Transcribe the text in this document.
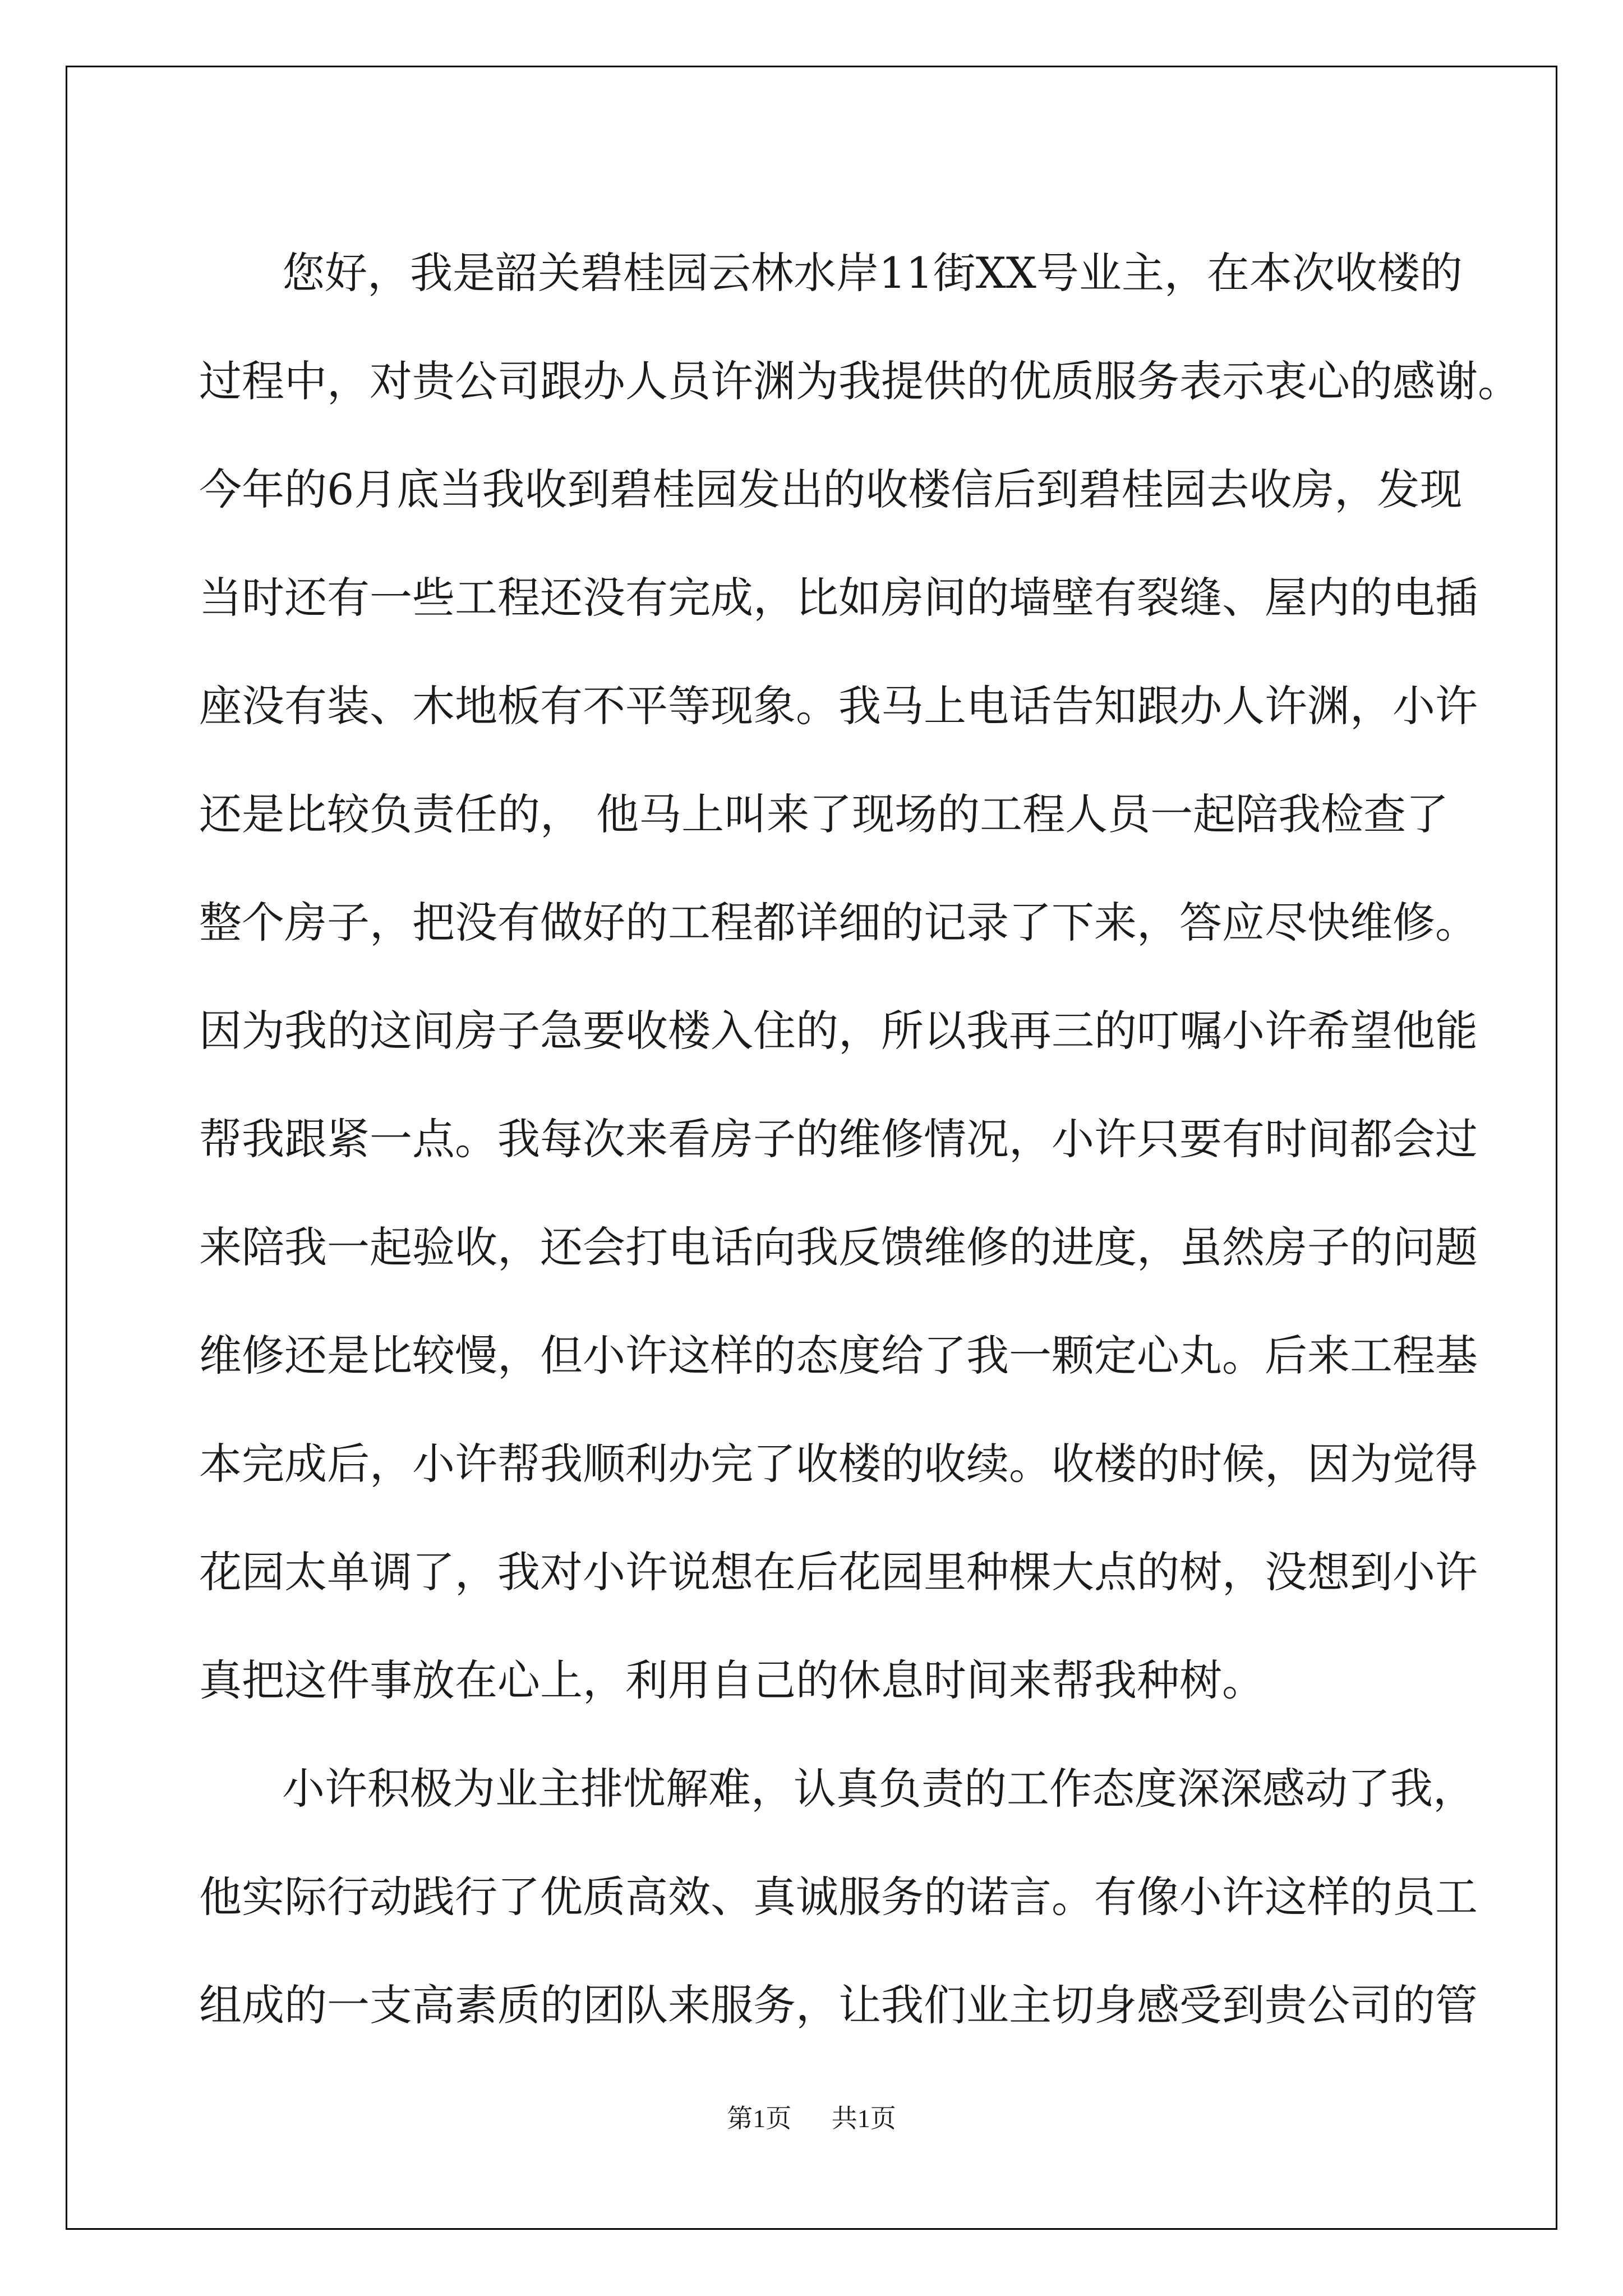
您好，我是韶关碧桂园云林水岸11街XX号业主，在本次收楼的
过程中，对贵公司跟办人员许渊为我提供的优质服务表示衷心的感谢。
今年的6月底当我收到碧桂园发出的收楼信后到碧桂园去收房，发现
当时还有一些工程还没有完成，比如房间的墙壁有裂缝、屋内的电插
座没有装、木地板有不平等现象。我马上电话告知跟办人许渊，小许
还是比较负责任的， 他马上叫来了现场的工程人员一起陪我检查了
整个房子，把没有做好的工程都详细的记录了下来，答应尽快维修。
因为我的这间房子急要收楼入住的，所以我再三的叮嘱小许希望他能
帮我跟紧一点。我每次来看房子的维修情况，小许只要有时间都会过
来陪我一起验收，还会打电话向我反馈维修的进度，虽然房子的问题
维修还是比较慢，但小许这样的态度给了我一颗定心丸。后来工程基
本完成后，小许帮我顺利办完了收楼的收续。收楼的时候，因为觉得
花园太单调了，我对小许说想在后花园里种棵大点的树，没想到小许
真把这件事放在心上，利用自己的休息时间来帮我种树。
小许积极为业主排忧解难，认真负责的工作态度深深感动了我，
他实际行动践行了优质高效、真诚服务的诺言。有像小许这样的员工
组成的一支高素质的团队来服务，让我们业主切身感受到贵公司的管
第1页 共1页
